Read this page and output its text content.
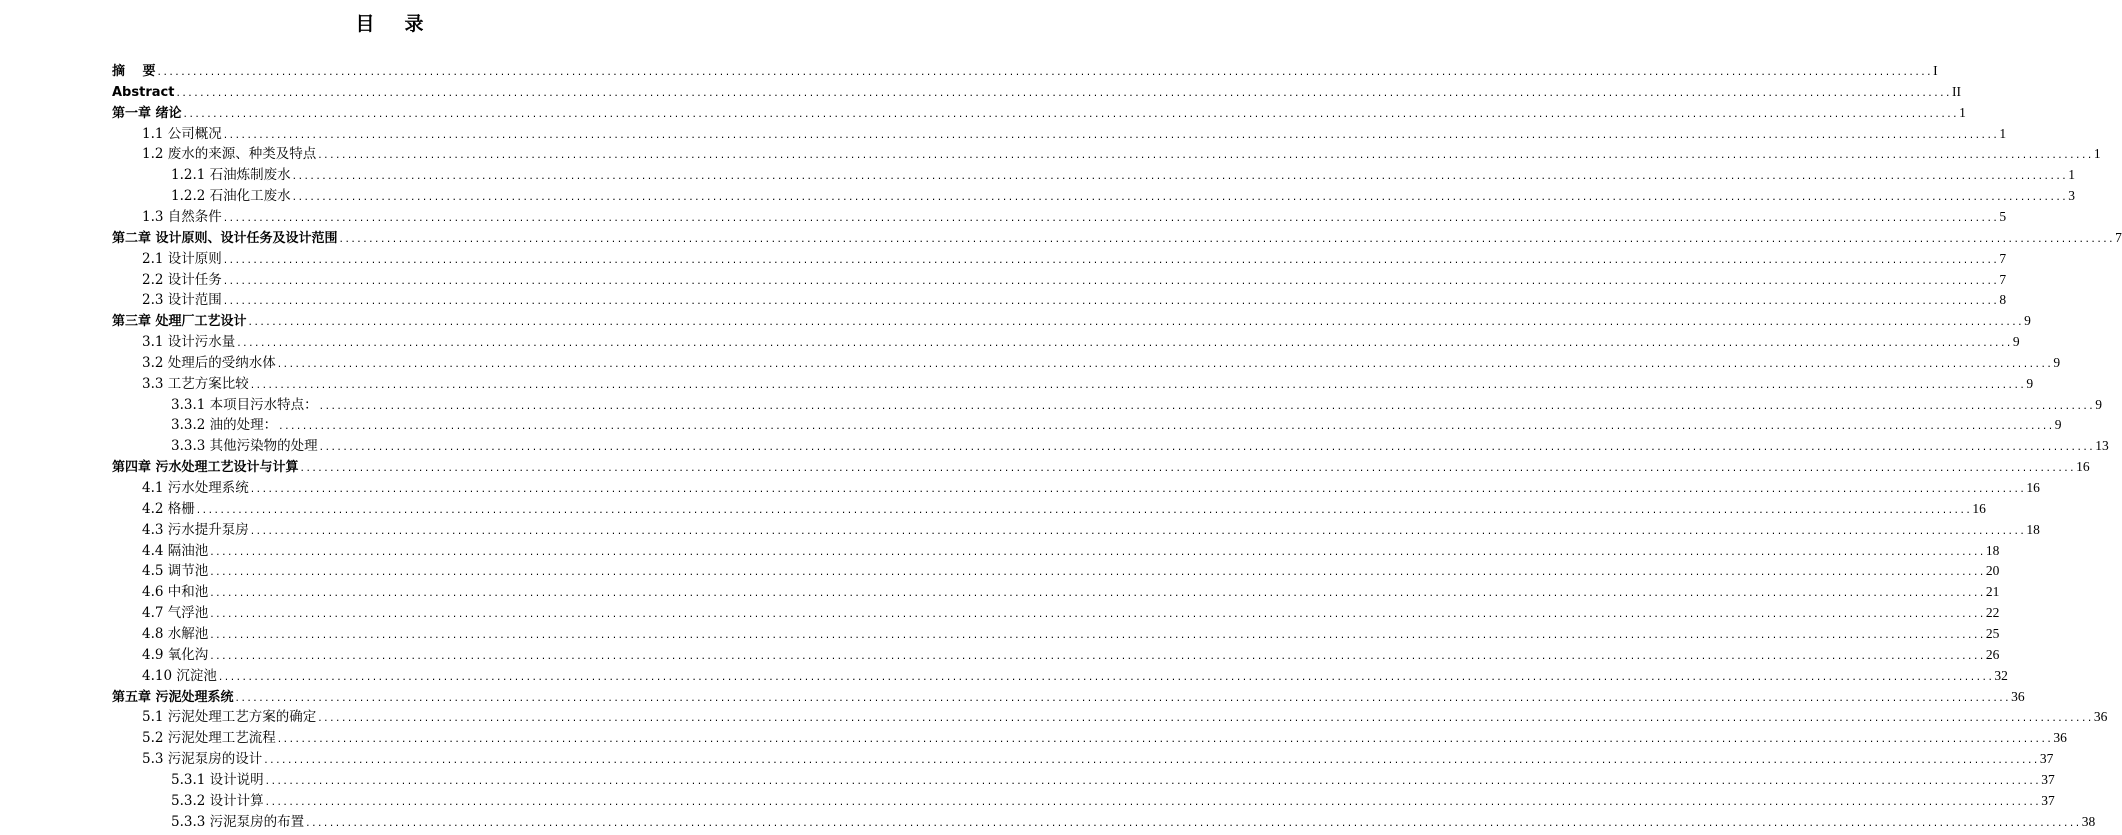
目 录
摘　 要 ............................................................................................................................................................................................................................................................................................................ I
Abstract ............................................................................................................................................................................................................................................................................................................ II
第一章 绪论 ............................................................................................................................................................................................................................................................................................................ 1
1.1 公司概况 ............................................................................................................................................................................................................................................................................................................ 1
1.2 废水的来源、种类及特点 ............................................................................................................................................................................................................................................................................................................ 1
1.2.1 石油炼制废水 ............................................................................................................................................................................................................................................................................................................ 1
1.2.2 石油化工废水 ............................................................................................................................................................................................................................................................................................................ 3
1.3 自然条件 ............................................................................................................................................................................................................................................................................................................ 5
第二章 设计原则、设计任务及设计范围 ............................................................................................................................................................................................................................................................................................................ 7
2.1 设计原则 ............................................................................................................................................................................................................................................................................................................ 7
2.2 设计任务 ............................................................................................................................................................................................................................................................................................................ 7
2.3 设计范围 ............................................................................................................................................................................................................................................................................................................ 8
第三章 处理厂工艺设计 ............................................................................................................................................................................................................................................................................................................ 9
3.1 设计污水量 ............................................................................................................................................................................................................................................................................................................ 9
3.2 处理后的受纳水体 ............................................................................................................................................................................................................................................................................................................ 9
3.3 工艺方案比较 ............................................................................................................................................................................................................................................................................................................ 9
3.3.1 本项目污水特点： ............................................................................................................................................................................................................................................................................................................ 9
3.3.2 油的处理： ............................................................................................................................................................................................................................................................................................................ 9
3.3.3 其他污染物的处理 ............................................................................................................................................................................................................................................................................................................ 13
第四章 污水处理工艺设计与计算 ............................................................................................................................................................................................................................................................................................................ 16
4.1 污水处理系统 ............................................................................................................................................................................................................................................................................................................ 16
4.2 格栅 ............................................................................................................................................................................................................................................................................................................ 16
4.3 污水提升泵房 ............................................................................................................................................................................................................................................................................................................ 18
4.4 隔油池 ............................................................................................................................................................................................................................................................................................................ 18
4.5 调节池 ............................................................................................................................................................................................................................................................................................................ 20
4.6 中和池 ............................................................................................................................................................................................................................................................................................................ 21
4.7 气浮池 ............................................................................................................................................................................................................................................................................................................ 22
4.8 水解池 ............................................................................................................................................................................................................................................................................................................ 25
4.9 氧化沟 ............................................................................................................................................................................................................................................................................................................ 26
4.10 沉淀池 ............................................................................................................................................................................................................................................................................................................ 32
第五章 污泥处理系统 ............................................................................................................................................................................................................................................................................................................ 36
5.1 污泥处理工艺方案的确定 ............................................................................................................................................................................................................................................................................................................ 36
5.2 污泥处理工艺流程 ............................................................................................................................................................................................................................................................................................................ 36
5.3 污泥泵房的设计 ............................................................................................................................................................................................................................................................................................................ 37
5.3.1 设计说明 ............................................................................................................................................................................................................................................................................................................ 37
5.3.2 设计计算 ............................................................................................................................................................................................................................................................................................................ 37
5.3.3 污泥泵房的布置 ............................................................................................................................................................................................................................................................................................................ 38
